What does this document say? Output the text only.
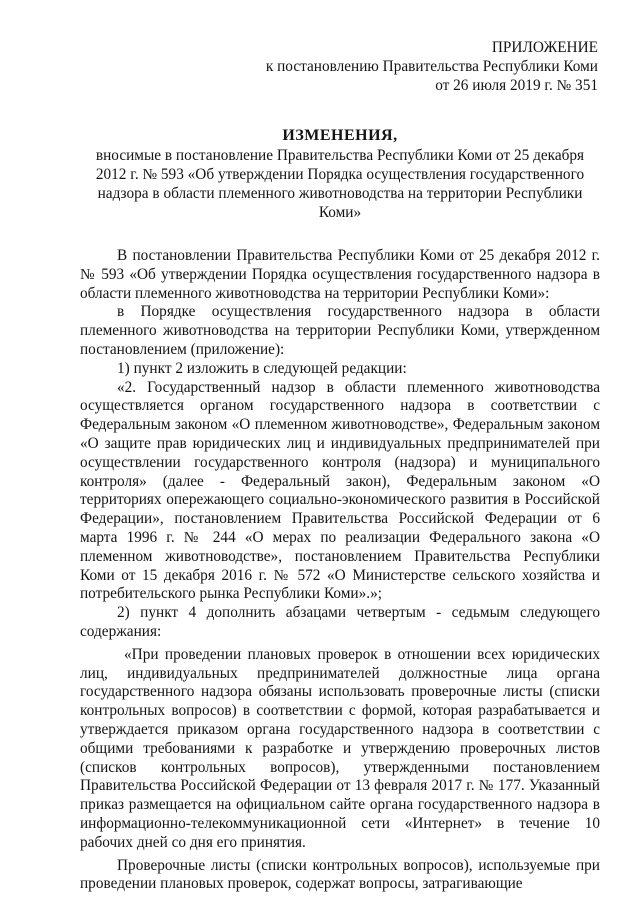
ПРИЛОЖЕНИЕ
к постановлению Правительства Республики Коми
от 26 июля 2019 г. № 351
ИЗМЕНЕНИЯ,
вносимые в постановление Правительства Республики Коми от 25 декабря 2012 г. № 593 «Об утверждении Порядка осуществления государственного надзора в области племенного животноводства на территории Республики Коми»

В постановлении Правительства Республики Коми от 25 декабря 2012 г. № 593 «Об утверждении Порядка осуществления государственного надзора в области племенного животноводства на территории Республики Коми»:

в Порядке осуществления государственного надзора в области племенного животноводства на территории Республики Коми, утвержденном постановлением (приложение):

1) пункт 2 изложить в следующей редакции:

«2. Государственный надзор в области племенного животноводства осуществляется органом государственного надзора в соответствии с Федеральным законом «О племенном животноводстве», Федеральным законом «О защите прав юридических лиц и индивидуальных предпринимателей при осуществлении государственного контроля (надзора) и муниципального контроля» (далее - Федеральный закон), Федеральным законом «О территориях опережающего социально-экономического развития в Российской Федерации», постановлением Правительства Российской Федерации от 6 марта 1996 г. № 244 «О мерах по реализации Федерального закона «О племенном животноводстве», постановлением Правительства Республики Коми от 15 декабря 2016 г. № 572 «О Министерстве сельского хозяйства и потребительского рынка Республики Коми».»;

2) пункт 4 дополнить абзацами четвертым - седьмым следующего содержания:

«При проведении плановых проверок в отношении всех юридических лиц, индивидуальных предпринимателей должностные лица органа государственного надзора обязаны использовать проверочные листы (списки контрольных вопросов) в соответствии с формой, которая разрабатывается и утверждается приказом органа государственного надзора в соответствии с общими требованиями к разработке и утверждению проверочных листов (списков контрольных вопросов), утвержденными постановлением Правительства Российской Федерации от 13 февраля 2017 г. № 177. Указанный приказ размещается на официальном сайте органа государственного надзора в информационно-телекоммуникационной сети «Интернет» в течение 10 рабочих дней со дня его принятия.

Проверочные листы (списки контрольных вопросов), используемые при проведении плановых проверок, содержат вопросы, затрагивающие
